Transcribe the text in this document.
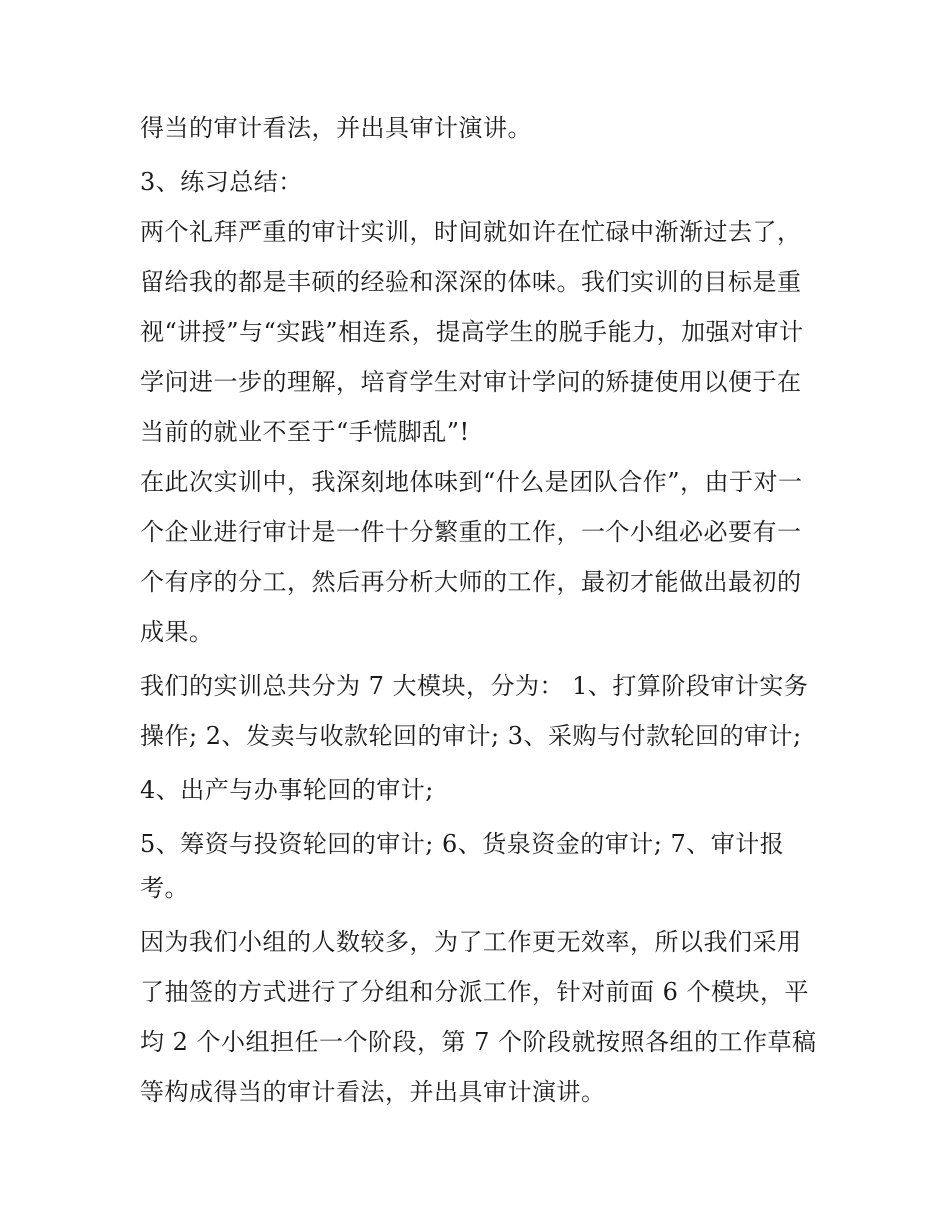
得当的审计看法，并出具审计演讲。
3、练习总结：
两个礼拜严重的审计实训，时间就如许在忙碌中渐渐过去了，
留给我的都是丰硕的经验和深深的体味。我们实训的目标是重
视“讲授”与“实践”相连系，提高学生的脱手能力，加强对审计
学问进一步的理解，培育学生对审计学问的矫捷使用以便于在
当前的就业不至于“手慌脚乱”!
在此次实训中，我深刻地体味到“什么是团队合作”，由于对一
个企业进行审计是一件十分繁重的工作，一个小组必必要有一
个有序的分工，然后再分析大师的工作，最初才能做出最初的
成果。
我们的实训总共分为 7 大模块，分为： 1、打算阶段审计实务
操作; 2、发卖与收款轮回的审计; 3、采购与付款轮回的审计;
4、出产与办事轮回的审计;
5、筹资与投资轮回的审计; 6、货泉资金的审计; 7、审计报
考。
因为我们小组的人数较多，为了工作更无效率，所以我们采用
了抽签的方式进行了分组和分派工作，针对前面 6 个模块，平
均 2 个小组担任一个阶段，第 7 个阶段就按照各组的工作草稿
等构成得当的审计看法，并出具审计演讲。
